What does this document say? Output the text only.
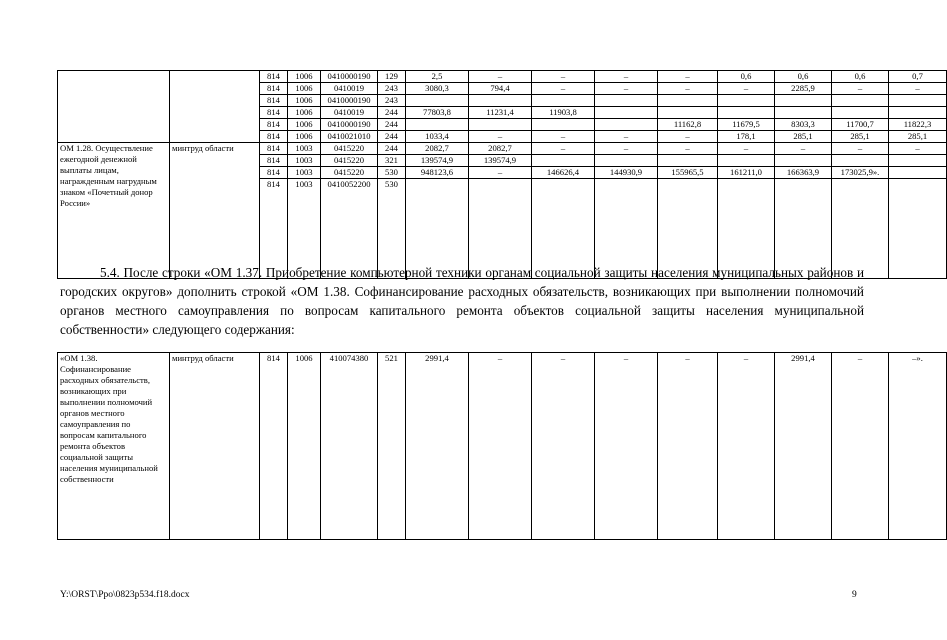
		814	1006	0410000190	129	2,5	–	–	–	–	0,6	0,6	0,6	0,7
		814	1006	0410019	243	3080,3	794,4	–	–	–	–	2285,9	–	–
		814	1006	0410000190	243									
		814	1006	0410019	244	77803,8	11231,4	11903,8						
		814	1006	0410000190	244					11162,8	11679,5	8303,3	11700,7	11822,3
		814	1006	0410021010	244	1033,4	–	–	–	–	178,1	285,1	285,1	285,1
ОМ 1.28. Осуществление ежегодной денежной выплаты лицам, награжденным нагрудным знаком «Почетный донор России»	минтруд области	814	1003	0415220	244	2082,7	2082,7	–	–	–	–	–	–	–
		814	1003	0415220	321	139574,9	139574,9							
		814	1003	0415220	530	948123,6	–	146626,4	144930,9	155965,5	161211,0	166363,9	173025,9».	
		814	1003	0410052200	530									
5.4. После строки «ОМ 1.37. Приобретение компьютерной техники органам социальной защиты населения муниципальных районов и городских округов» дополнить строкой «ОМ 1.38. Софинансирование расходных обязательств, возникающих при выполнении полномочий органов местного самоуправления по вопросам капитального ремонта объектов социальной защиты населения муниципальной собственности» следующего содержания:
«ОМ 1.38. Софинансирование расходных обязательств, возникающих при выполнении полномочий органов местного самоуправления по вопросам капитального ремонта объектов социальной защиты населения муниципальной собственности	минтруд области	814	1006	410074380	521	2991,4	–	–	–	–	–	2991,4	–	–».
Y:\ORST\Ppo\0823p534.f18.docx	9
